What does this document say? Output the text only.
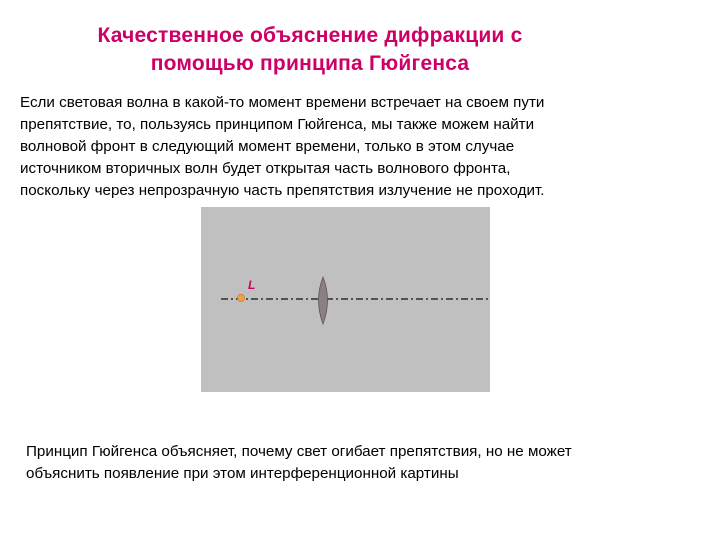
Качественное объяснение дифракции с
помощью принципа Гюйгенса
Если световая волна в какой-то момент времени встречает на своем пути
препятствие, то, пользуясь принципом Гюйгенса, мы также можем найти
волновой фронт в следующий момент времени, только в этом случае
источником вторичных волн будет открытая часть волнового фронта,
поскольку через непрозрачную часть препятствия излучение не проходит.
L
Принцип Гюйгенса объясняет, почему свет огибает препятствия, но не может
объяснить появление при этом интерференционной картины
